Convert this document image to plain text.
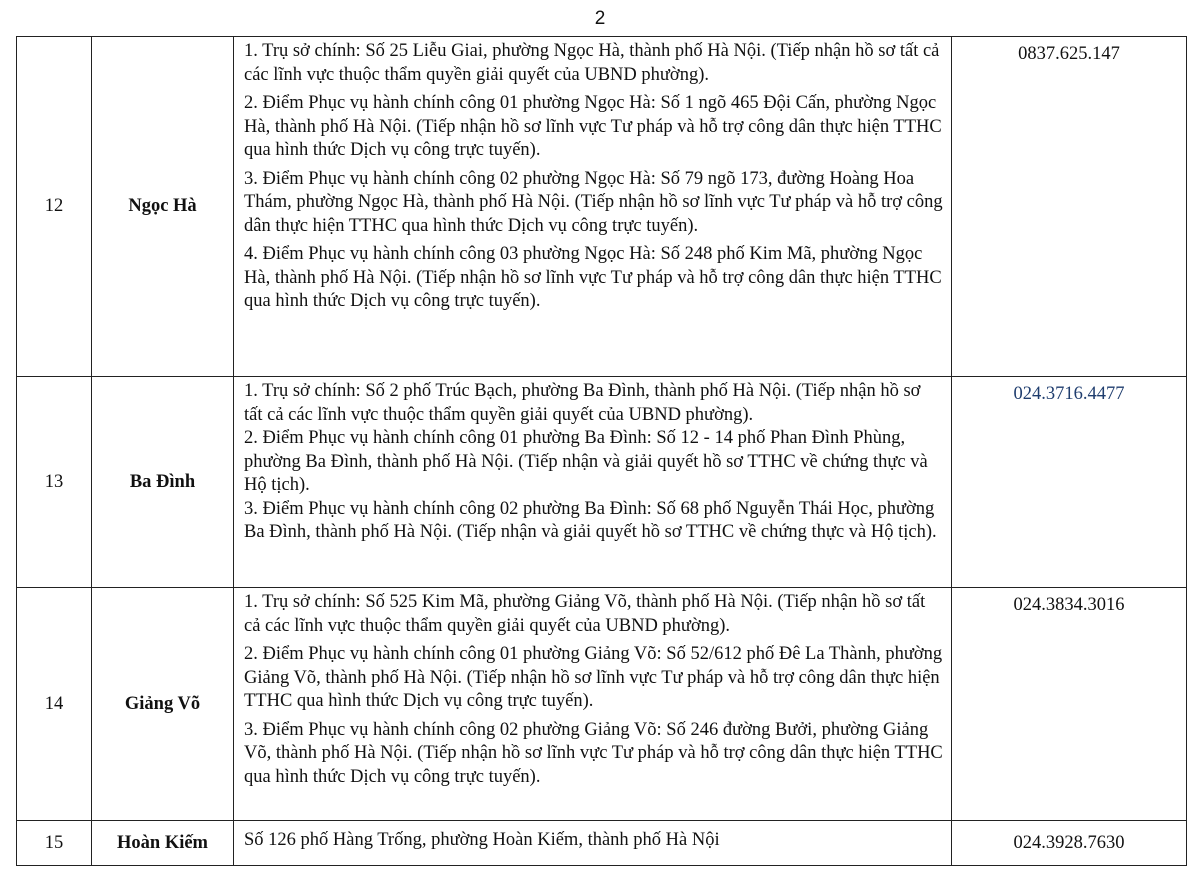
2
12	Ngọc Hà	1. Trụ sở chính: Số 25 Liễu Giai, phường Ngọc Hà, thành phố Hà Nội. (Tiếp nhận hồ sơ tất cả các lĩnh vực thuộc thẩm quyền giải quyết của UBND phường).

2. Điểm Phục vụ hành chính công 01 phường Ngọc Hà: Số 1 ngõ 465 Đội Cấn, phường Ngọc Hà, thành phố Hà Nội. (Tiếp nhận hồ sơ lĩnh vực Tư pháp và hỗ trợ công dân thực hiện TTHC qua hình thức Dịch vụ công trực tuyến).

3. Điểm Phục vụ hành chính công 02 phường Ngọc Hà: Số 79 ngõ 173, đường Hoàng Hoa Thám, phường Ngọc Hà, thành phố Hà Nội. (Tiếp nhận hồ sơ lĩnh vực Tư pháp và hỗ trợ công dân thực hiện TTHC qua hình thức Dịch vụ công trực tuyến).

4. Điểm Phục vụ hành chính công 03 phường Ngọc Hà: Số 248 phố Kim Mã, phường Ngọc Hà, thành phố Hà Nội. (Tiếp nhận hồ sơ lĩnh vực Tư pháp và hỗ trợ công dân thực hiện TTHC qua hình thức Dịch vụ công trực tuyến).	0837.625.147
13	Ba Đình	1. Trụ sở chính: Số 2 phố Trúc Bạch, phường Ba Đình, thành phố Hà Nội. (Tiếp nhận hồ sơ tất cả các lĩnh vực thuộc thẩm quyền giải quyết của UBND phường).

2. Điểm Phục vụ hành chính công 01 phường Ba Đình: Số 12 - 14 phố Phan Đình Phùng, phường Ba Đình, thành phố Hà Nội. (Tiếp nhận và giải quyết hồ sơ TTHC về chứng thực và Hộ tịch).

3. Điểm Phục vụ hành chính công 02 phường Ba Đình: Số 68 phố Nguyễn Thái Học, phường Ba Đình, thành phố Hà Nội. (Tiếp nhận và giải quyết hồ sơ TTHC về chứng thực và Hộ tịch).	024.3716.4477
14	Giảng Võ	1. Trụ sở chính: Số 525 Kim Mã, phường Giảng Võ, thành phố Hà Nội. (Tiếp nhận hồ sơ tất cả các lĩnh vực thuộc thẩm quyền giải quyết của UBND phường).

2. Điểm Phục vụ hành chính công 01 phường Giảng Võ: Số 52/612 phố Đê La Thành, phường Giảng Võ, thành phố Hà Nội. (Tiếp nhận hồ sơ lĩnh vực Tư pháp và hỗ trợ công dân thực hiện TTHC qua hình thức Dịch vụ công trực tuyến).

3. Điểm Phục vụ hành chính công 02 phường Giảng Võ: Số 246 đường Bưởi, phường Giảng Võ, thành phố Hà Nội. (Tiếp nhận hồ sơ lĩnh vực Tư pháp và hỗ trợ công dân thực hiện TTHC qua hình thức Dịch vụ công trực tuyến).	024.3834.3016
15	Hoàn Kiếm	Số 126 phố Hàng Trống, phường Hoàn Kiếm, thành phố Hà Nội	024.3928.7630
